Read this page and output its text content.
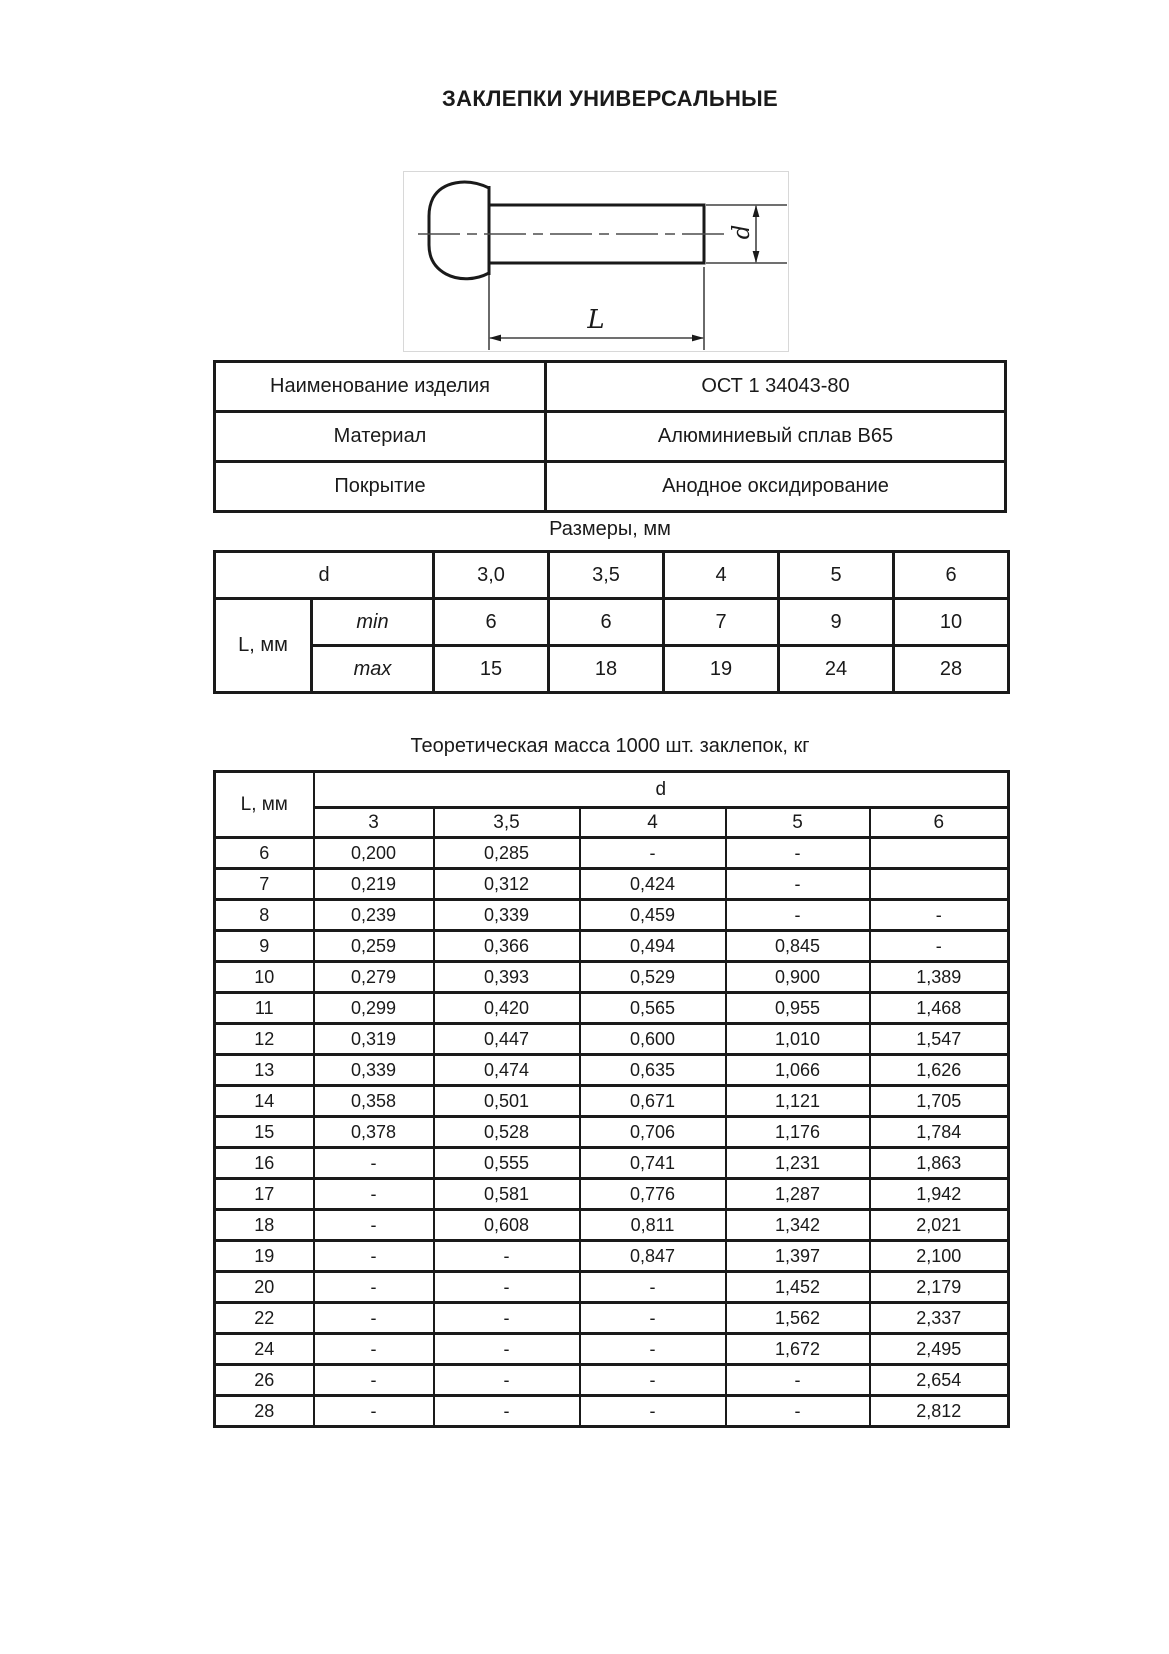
ЗАКЛЕПКИ УНИВЕРСАЛЬНЫЕ
d
L
Наименование изделия	ОСТ 1 34043-80
Материал	Алюминиевый сплав В65
Покрытие	Анодное оксидирование
Размеры, мм
d		3,0	3,5	4	5	6
L, мм	min	6	6	7	9	10
	max	15	18	19	24	28
Теоретическая масса 1000 шт. заклепок, кг
L, мм	d				
	3	3,5	4	5	6
6	0,200	0,285	-	-	
7	0,219	0,312	0,424	-	
8	0,239	0,339	0,459	-	-
9	0,259	0,366	0,494	0,845	-
10	0,279	0,393	0,529	0,900	1,389
11	0,299	0,420	0,565	0,955	1,468
12	0,319	0,447	0,600	1,010	1,547
13	0,339	0,474	0,635	1,066	1,626
14	0,358	0,501	0,671	1,121	1,705
15	0,378	0,528	0,706	1,176	1,784
16	-	0,555	0,741	1,231	1,863
17	-	0,581	0,776	1,287	1,942
18	-	0,608	0,811	1,342	2,021
19	-	-	0,847	1,397	2,100
20	-	-	-	1,452	2,179
22	-	-	-	1,562	2,337
24	-	-	-	1,672	2,495
26	-	-	-	-	2,654
28	-	-	-	-	2,812
